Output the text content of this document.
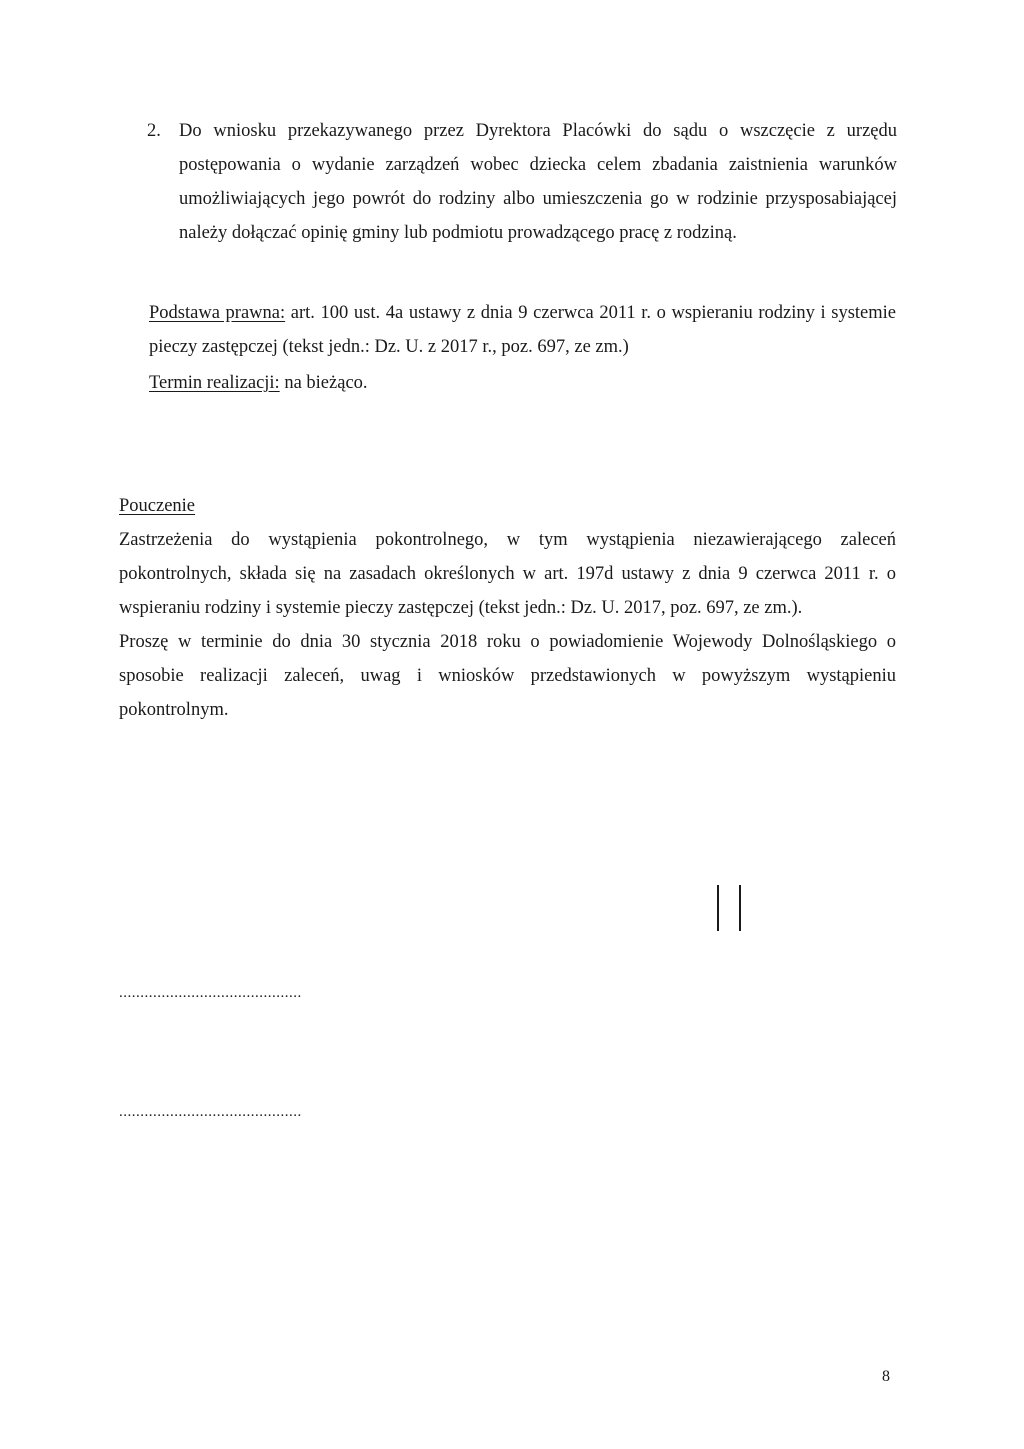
2. Do wniosku przekazywanego przez Dyrektora Placówki do sądu o wszczęcie z urzędu postępowania o wydanie zarządzeń wobec dziecka celem zbadania zaistnienia warunków umożliwiających jego powrót do rodziny albo umieszczenia go w rodzinie przysposabiającej należy dołączać opinię gminy lub podmiotu prowadzącego pracę z rodziną.
Podstawa prawna: art. 100 ust. 4a ustawy z dnia 9 czerwca 2011 r. o wspieraniu rodziny i systemie pieczy zastępczej (tekst jedn.: Dz. U. z 2017 r., poz. 697, ze zm.)
Termin realizacji: na bieżąco.

Pouczenie

Zastrzeżenia do wystąpienia pokontrolnego, w tym wystąpienia niezawierającego zaleceń pokontrolnych, składa się na zasadach określonych w art. 197d ustawy z dnia 9 czerwca 2011 r. o wspieraniu rodziny i systemie pieczy zastępczej (tekst jedn.: Dz. U. 2017, poz. 697, ze zm.).

Proszę w terminie do dnia 30 stycznia 2018 roku o powiadomienie Wojewody Dolnośląskiego o sposobie realizacji zaleceń, uwag i wniosków przedstawionych w powyższym wystąpieniu pokontrolnym.

...........................................
...........................................
8
